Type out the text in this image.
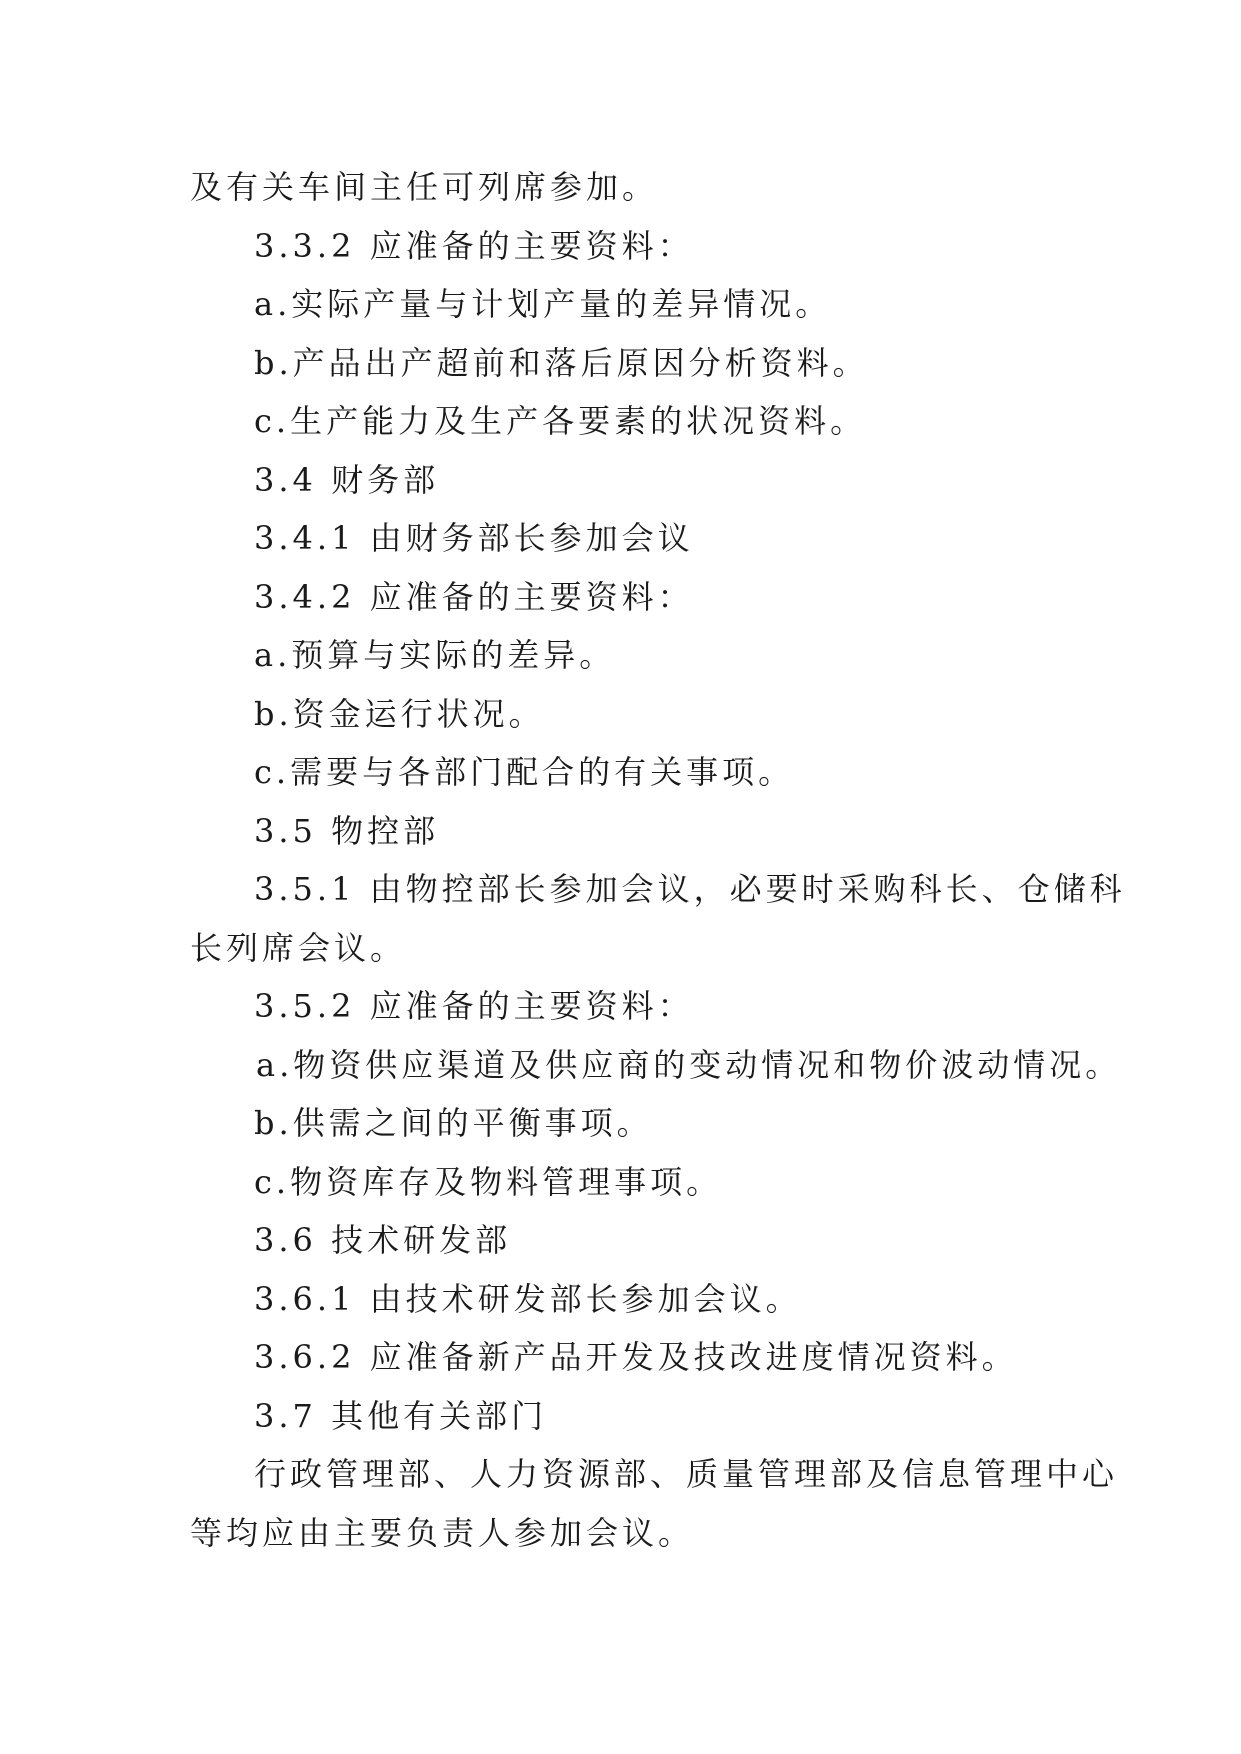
及有关车间主任可列席参加。
3.3.2 应准备的主要资料：
a.实际产量与计划产量的差异情况。
b.产品出产超前和落后原因分析资料。
c.生产能力及生产各要素的状况资料。
3.4 财务部
3.4.1 由财务部长参加会议
3.4.2 应准备的主要资料：
a.预算与实际的差异。
b.资金运行状况。
c.需要与各部门配合的有关事项。
3.5 物控部
3.5.1 由物控部长参加会议，必要时采购科长、仓储科
长列席会议。
3.5.2 应准备的主要资料：
a.物资供应渠道及供应商的变动情况和物价波动情况。
b.供需之间的平衡事项。
c.物资库存及物料管理事项。
3.6 技术研发部
3.6.1 由技术研发部长参加会议。
3.6.2 应准备新产品开发及技改进度情况资料。
3.7 其他有关部门
行政管理部、人力资源部、质量管理部及信息管理中心
等均应由主要负责人参加会议。
